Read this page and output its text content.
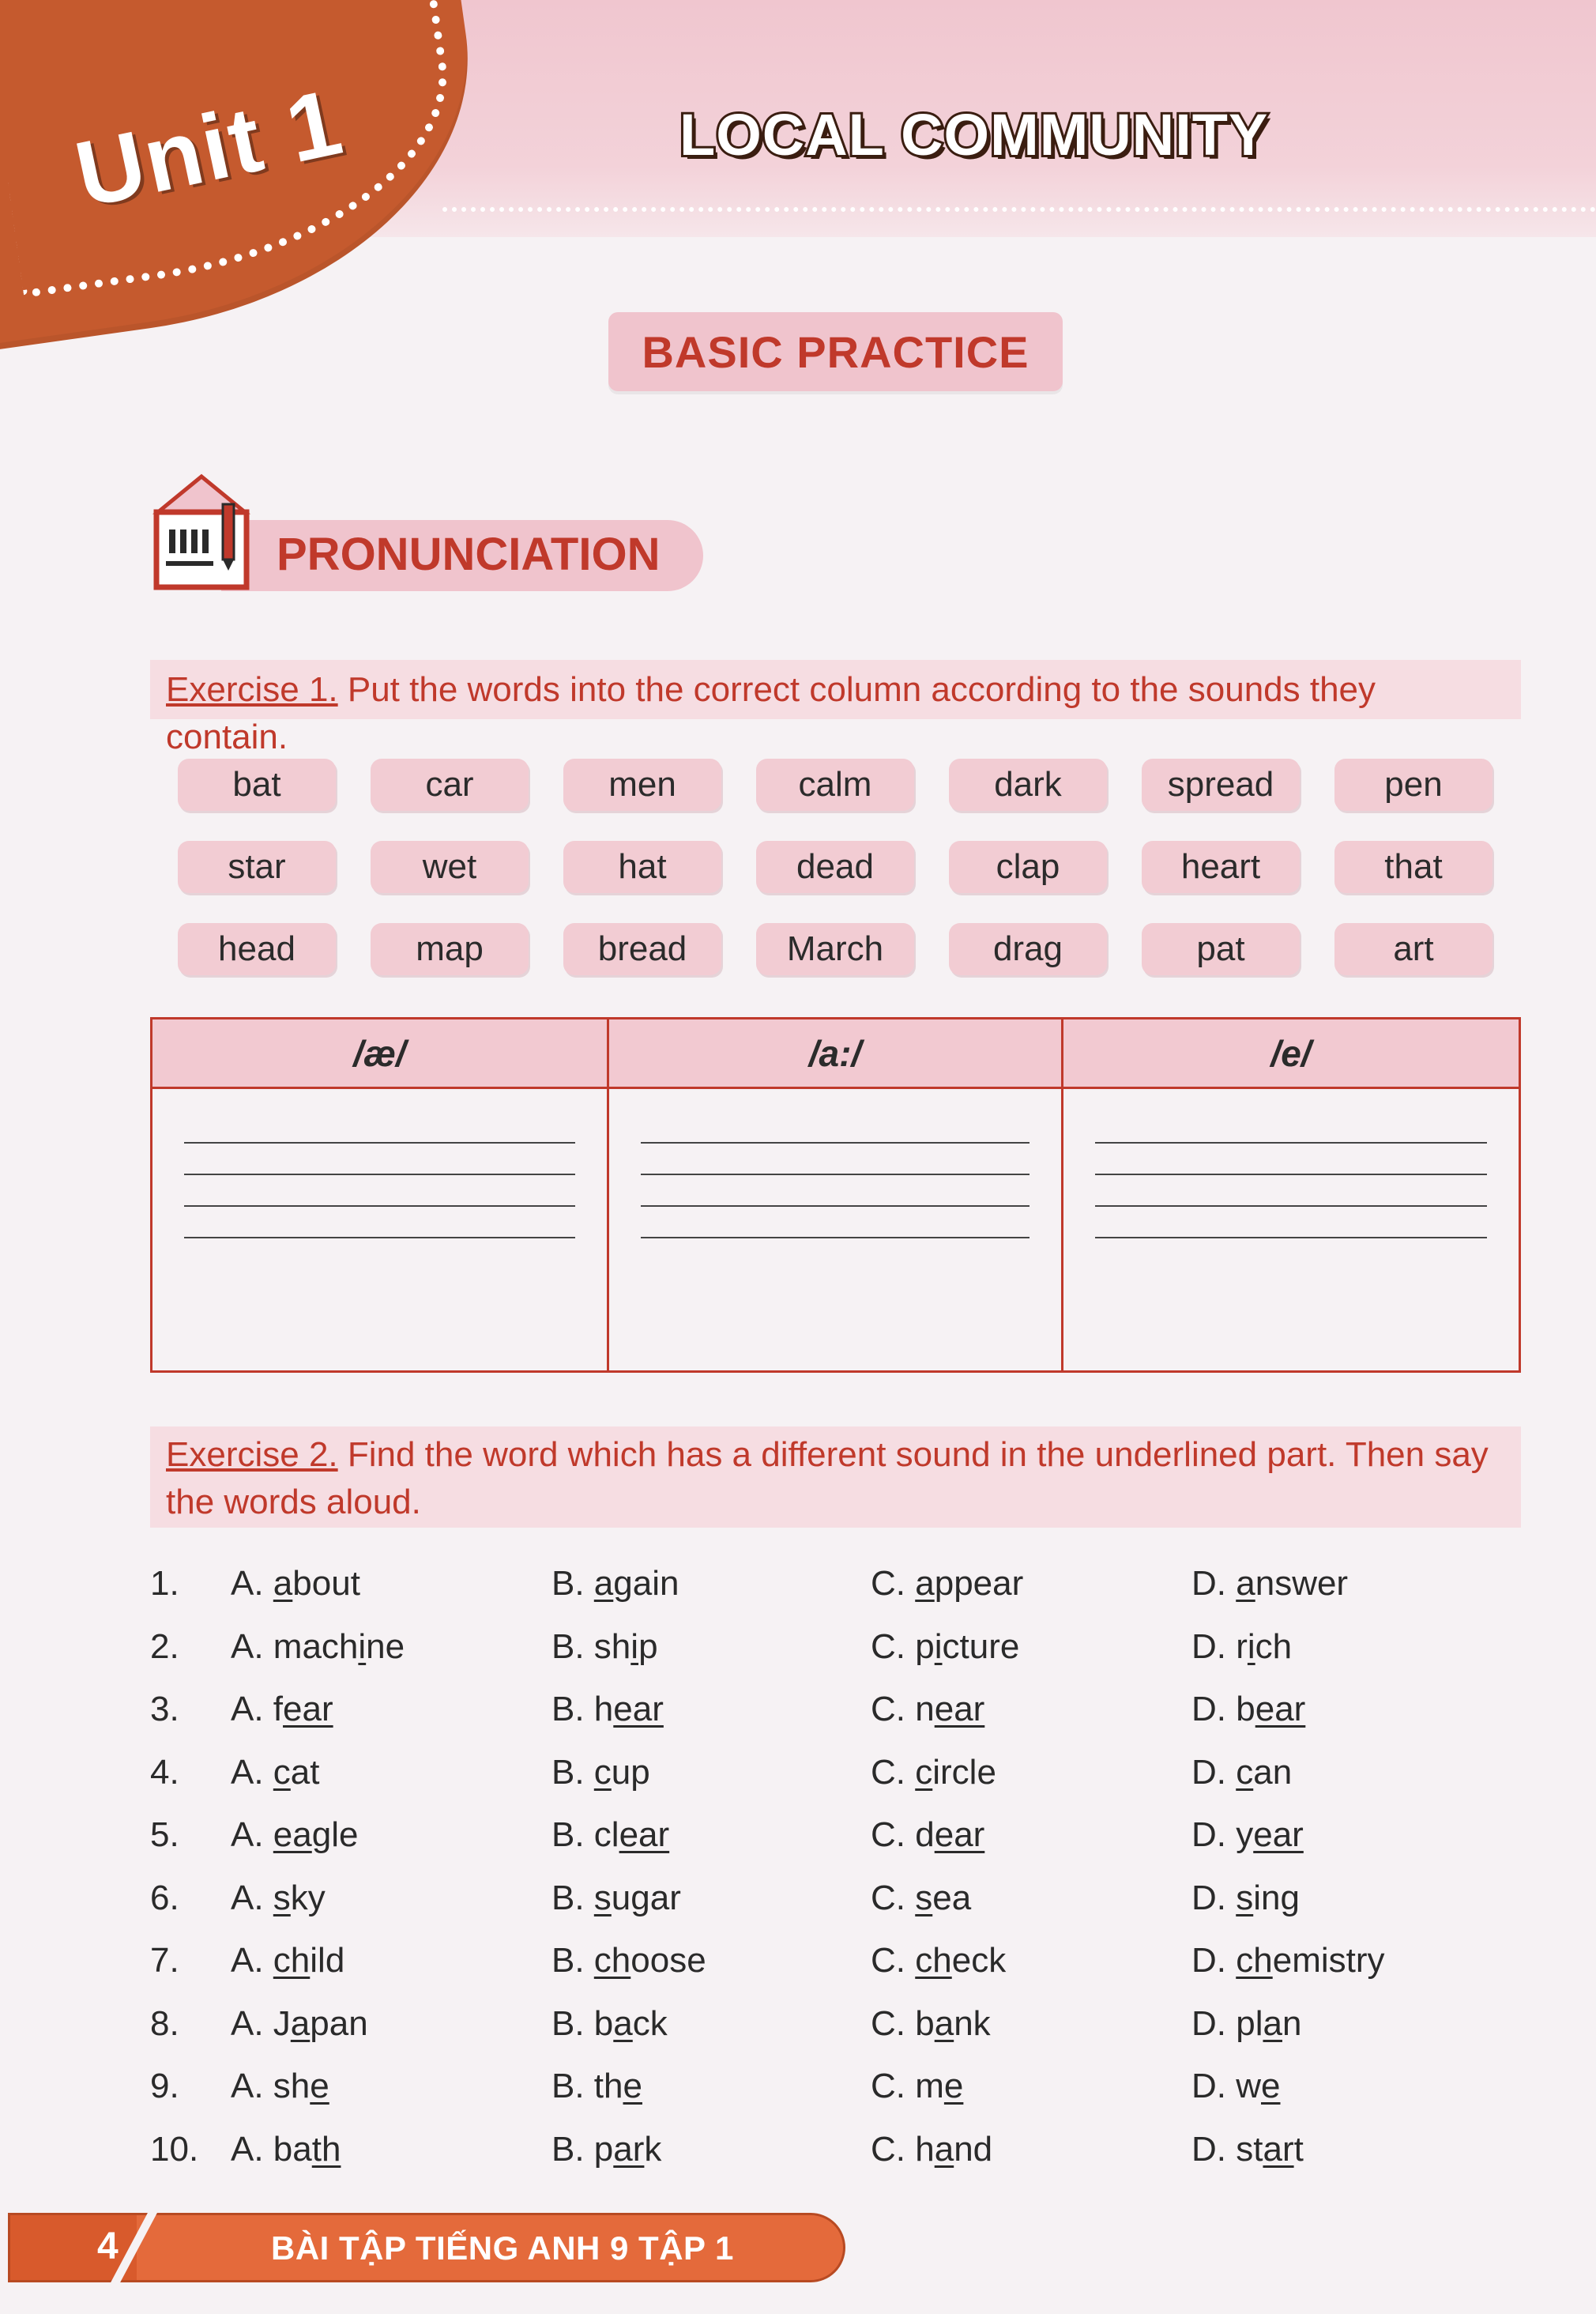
Unit 1	LOCAL COMMUNITY
BASIC PRACTICE
PRONUNCIATION
Exercise 1. Put the words into the correct column according to the sounds they contain.
bat	car	men	calm	dark	spread	pen
star	wet	hat	dead	clap	heart	that
head	map	bread	March	drag	pat	art
/æ/	/a:/	/e/
Exercise 2. Find the word which has a different sound in the underlined part. Then say the words aloud.
1. A. about	B. again	C. appear	D. answer
2. A. machine	B. ship	C. picture	D. rich
3. A. fear	B. hear	C. near	D. bear
4. A. cat	B. cup	C. circle	D. can
5. A. eagle	B. clear	C. dear	D. year
6. A. sky	B. sugar	C. sea	D. sing
7. A. child	B. choose	C. check	D. chemistry
8. A. Japan	B. back	C. bank	D. plan
9. A. she	B. the	C. me	D. we
10. A. bath	B. park	C. hand	D. start
4	BÀI TẬP TIẾNG ANH 9 TẬP 1
